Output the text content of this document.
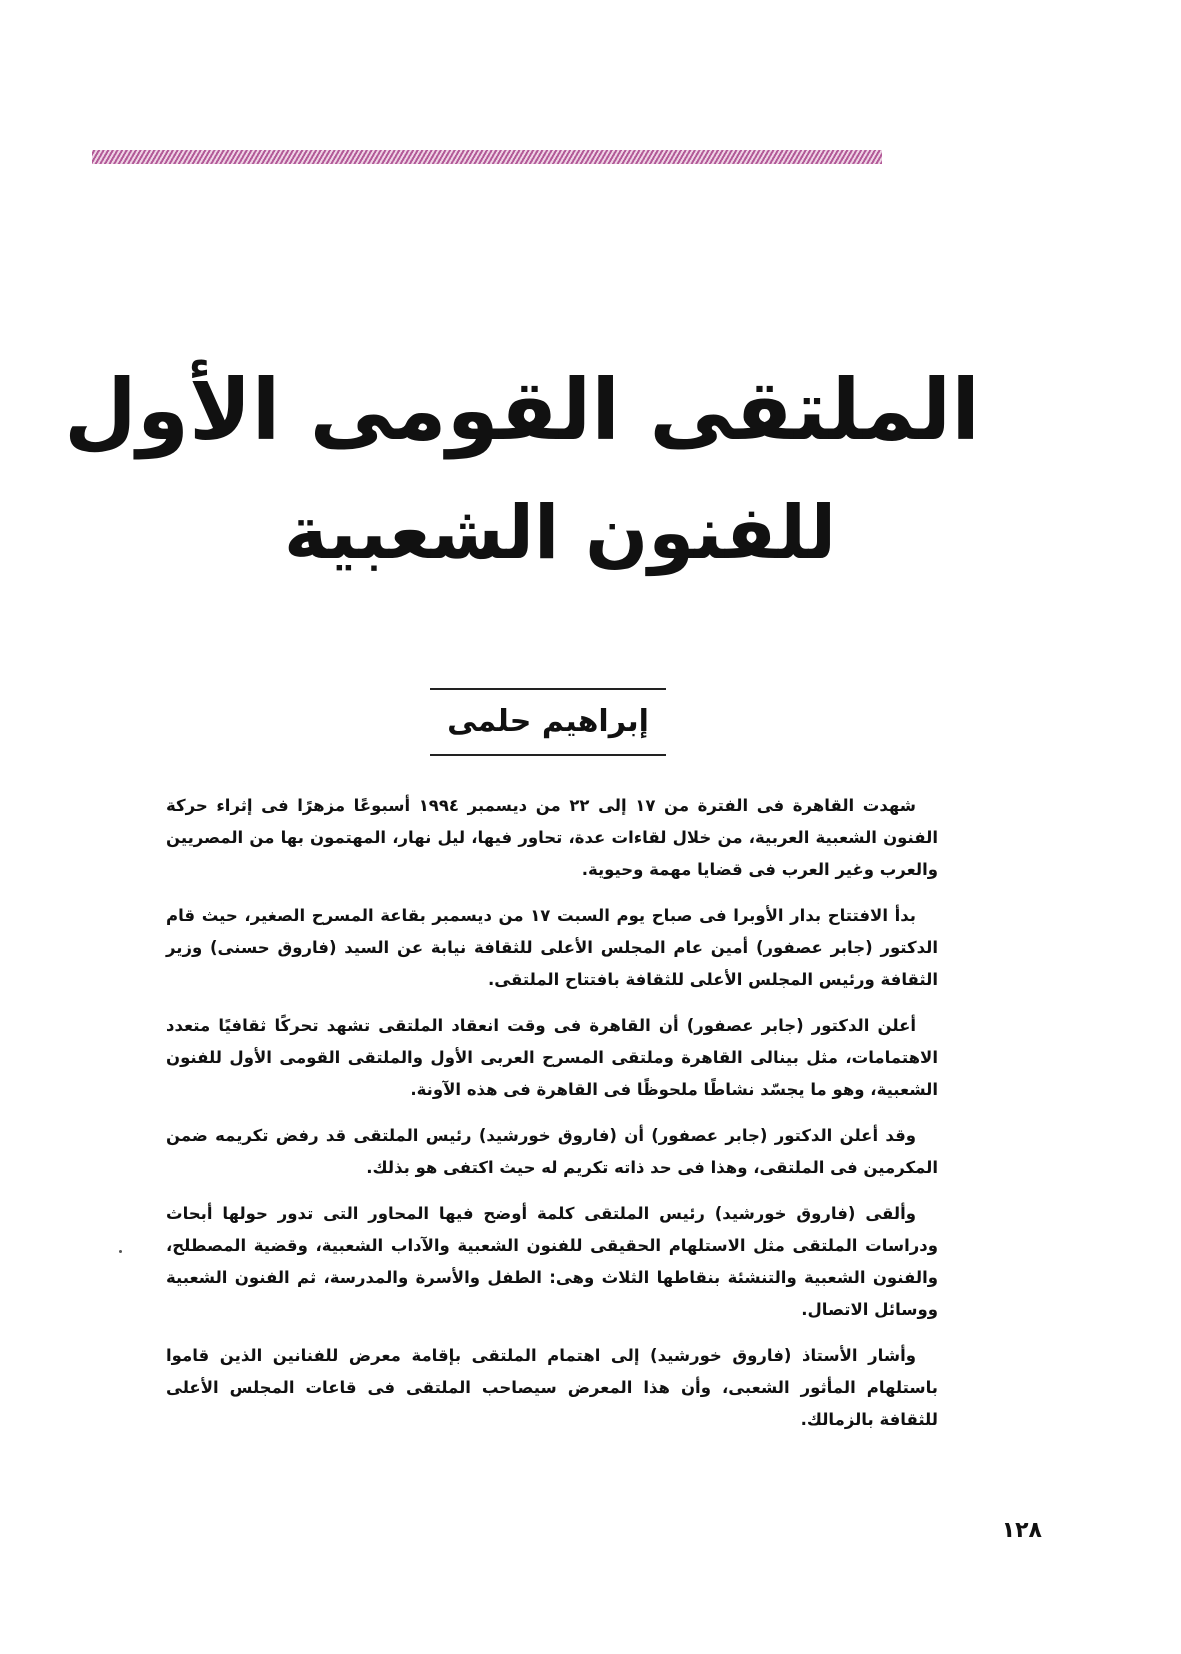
الملتقى القومى الأول
للفنون الشعبية
إبراهيم حلمى

شهدت القاهرة فى الفترة من ١٧ إلى ٢٢ من ديسمبر ١٩٩٤ أسبوعًا مزهرًا فى إثراء حركة الفنون الشعبية العربية، من خلال لقاءات عدة، تحاور فيها، ليل نهار، المهتمون بها من المصريين والعرب وغير العرب فى قضايا مهمة وحيوية.

بدأ الافتتاح بدار الأوبرا فى صباح يوم السبت ١٧ من ديسمبر بقاعة المسرح الصغير، حيث قام الدكتور (جابر عصفور) أمين عام المجلس الأعلى للثقافة نيابة عن السيد (فاروق حسنى) وزير الثقافة ورئيس المجلس الأعلى للثقافة بافتتاح الملتقى.

أعلن الدكتور (جابر عصفور) أن القاهرة فى وقت انعقاد الملتقى تشهد تحركًا ثقافيًا متعدد الاهتمامات، مثل بينالى القاهرة وملتقى المسرح العربى الأول والملتقى القومى الأول للفنون الشعبية، وهو ما يجسّد نشاطًا ملحوظًا فى القاهرة فى هذه الآونة.

وقد أعلن الدكتور (جابر عصفور) أن (فاروق خورشيد) رئيس الملتقى قد رفض تكريمه ضمن المكرمين فى الملتقى، وهذا فى حد ذاته تكريم له حيث اكتفى هو بذلك.

وألقى (فاروق خورشيد) رئيس الملتقى كلمة أوضح فيها المحاور التى تدور حولها أبحاث ودراسات الملتقى مثل الاستلهام الحقيقى للفنون الشعبية والآداب الشعبية، وقضية المصطلح، والفنون الشعبية والتنشئة بنقاطها الثلاث وهى: الطفل والأسرة والمدرسة، ثم الفنون الشعبية ووسائل الاتصال.

وأشار الأستاذ (فاروق خورشيد) إلى اهتمام الملتقى بإقامة معرض للفنانين الذين قاموا باستلهام المأثور الشعبى، وأن هذا المعرض سيصاحب الملتقى فى قاعات المجلس الأعلى للثقافة بالزمالك.

١٢٨
